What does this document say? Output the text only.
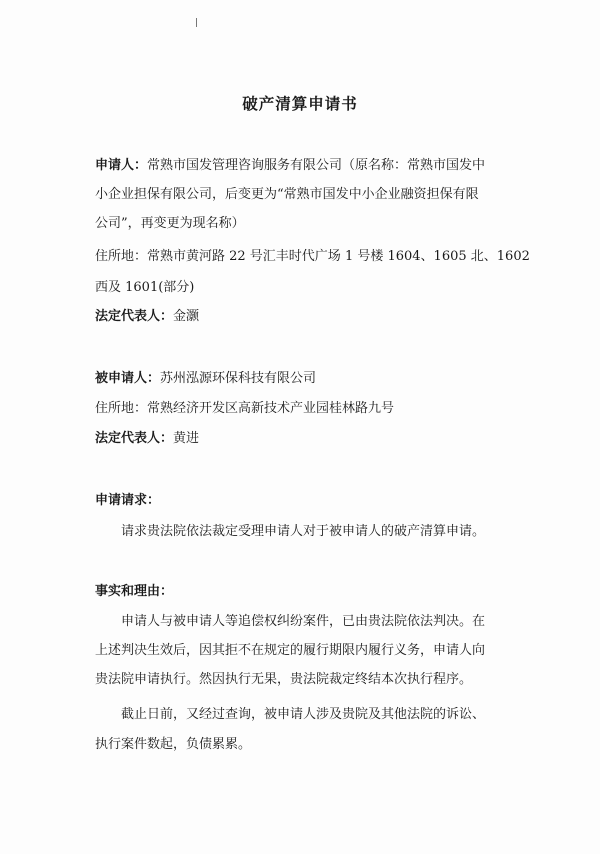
破产清算申请书
申请人：常熟市国发管理咨询服务有限公司（原名称：常熟市国发中
小企业担保有限公司，后变更为“常熟市国发中小企业融资担保有限
公司”，再变更为现名称）
住所地：常熟市黄河路 22 号汇丰时代广场 1 号楼 1604、1605 北、1602
西及 1601(部分)
法定代表人：金灏
被申请人：苏州泓源环保科技有限公司
住所地：常熟经济开发区高新技术产业园桂林路九号
法定代表人：黄进
申请请求：
请求贵法院依法裁定受理申请人对于被申请人的破产清算申请。
事实和理由：
申请人与被申请人等追偿权纠纷案件，已由贵法院依法判决。在
上述判决生效后，因其拒不在规定的履行期限内履行义务，申请人向
贵法院申请执行。然因执行无果，贵法院裁定终结本次执行程序。
截止日前，又经过查询，被申请人涉及贵院及其他法院的诉讼、
执行案件数起，负债累累。
